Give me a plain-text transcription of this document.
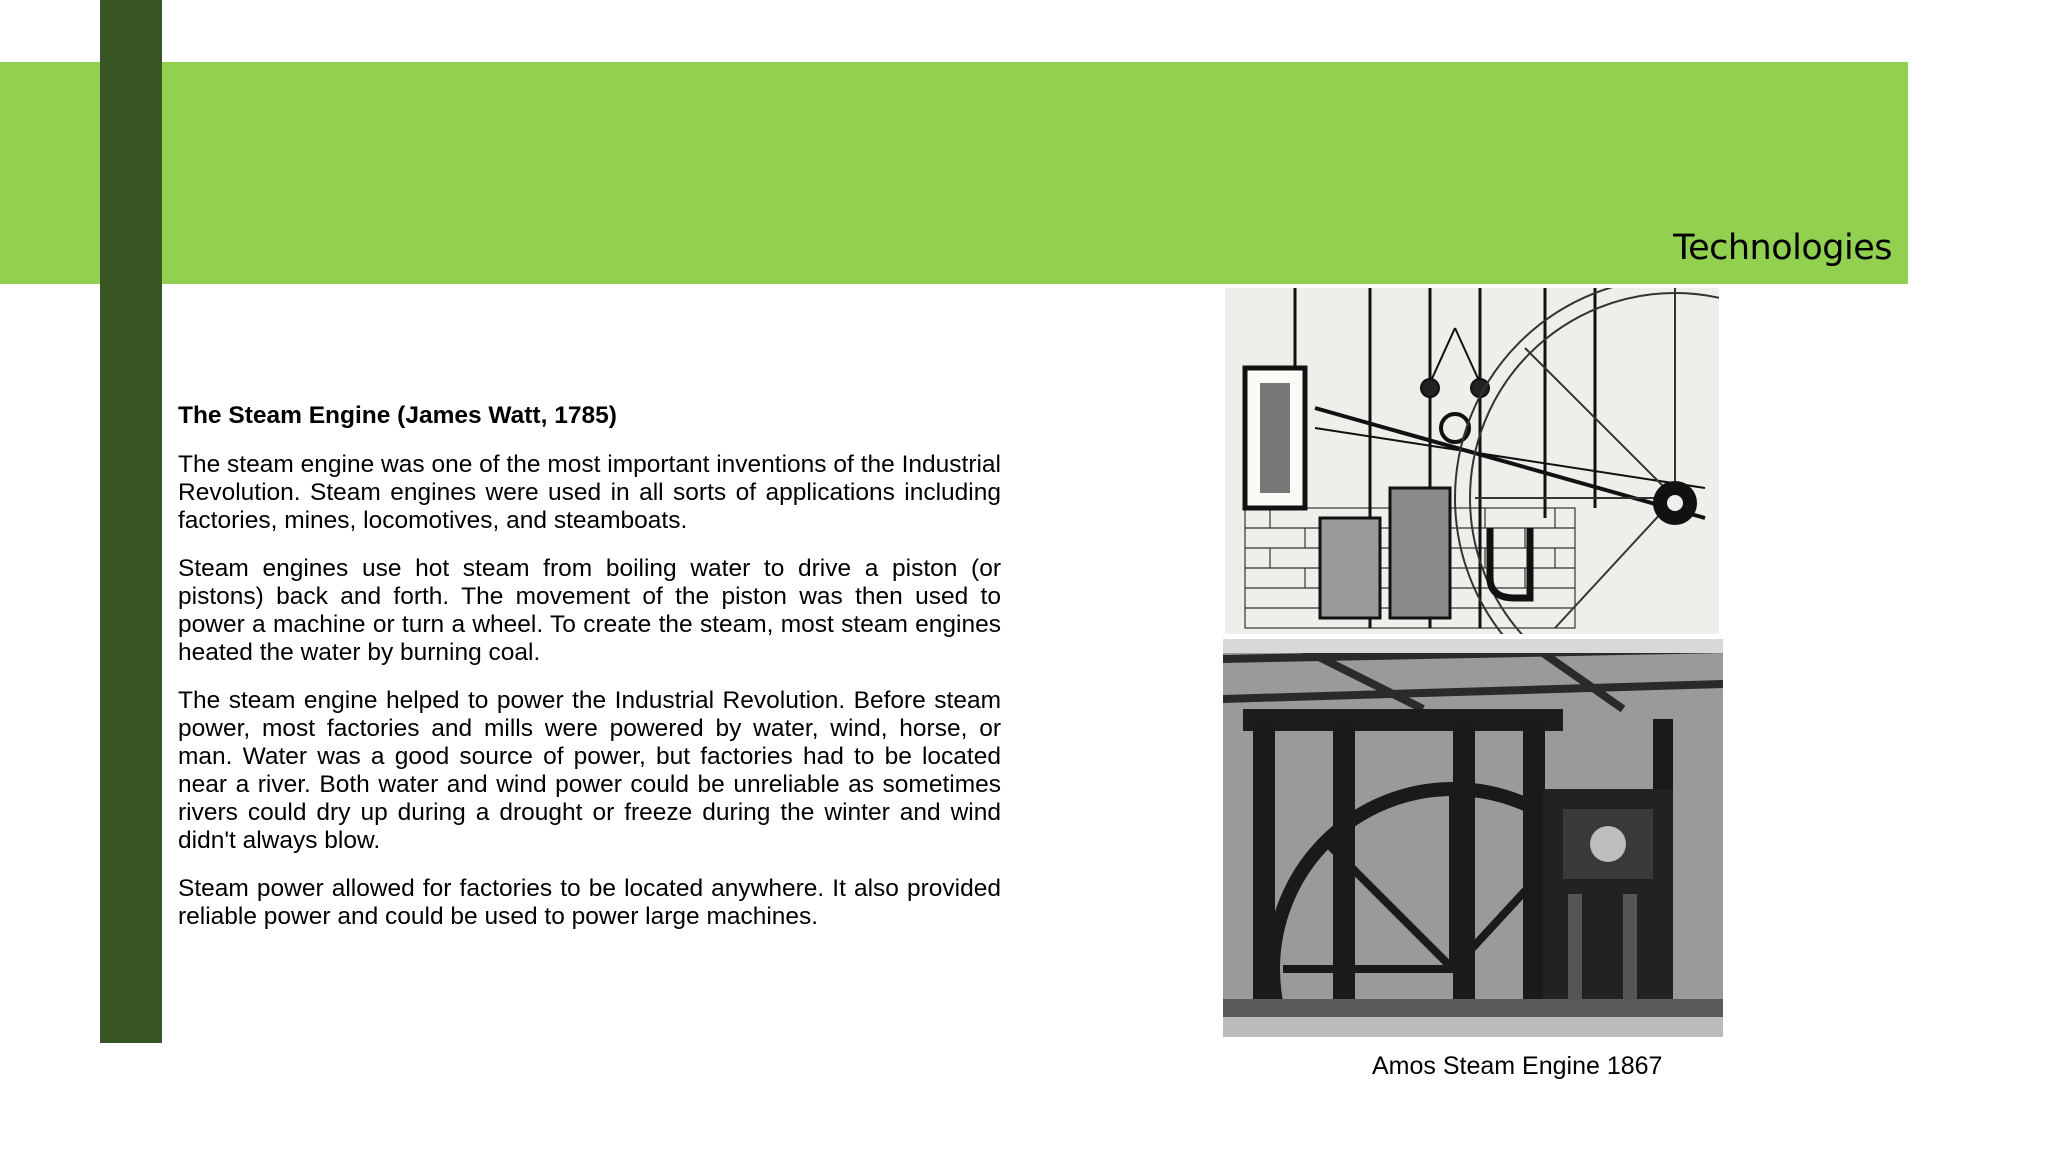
Technologies
The Steam Engine (James Watt, 1785)

The steam engine was one of the most important inventions of the Industrial Revolution. Steam engines were used in all sorts of applications including factories, mines, locomotives, and steamboats.

Steam engines use hot steam from boiling water to drive a piston (or pistons) back and forth. The movement of the piston was then used to power a machine or turn a wheel. To create the steam, most steam engines heated the water by burning coal.

The steam engine helped to power the Industrial Revolution. Before steam power, most factories and mills were powered by water, wind, horse, or man. Water was a good source of power, but factories had to be located near a river. Both water and wind power could be unreliable as sometimes rivers could dry up during a drought or freeze during the winter and wind didn't always blow.

Steam power allowed for factories to be located anywhere. It also provided reliable power and could be used to power large machines.

Amos Steam Engine 1867
